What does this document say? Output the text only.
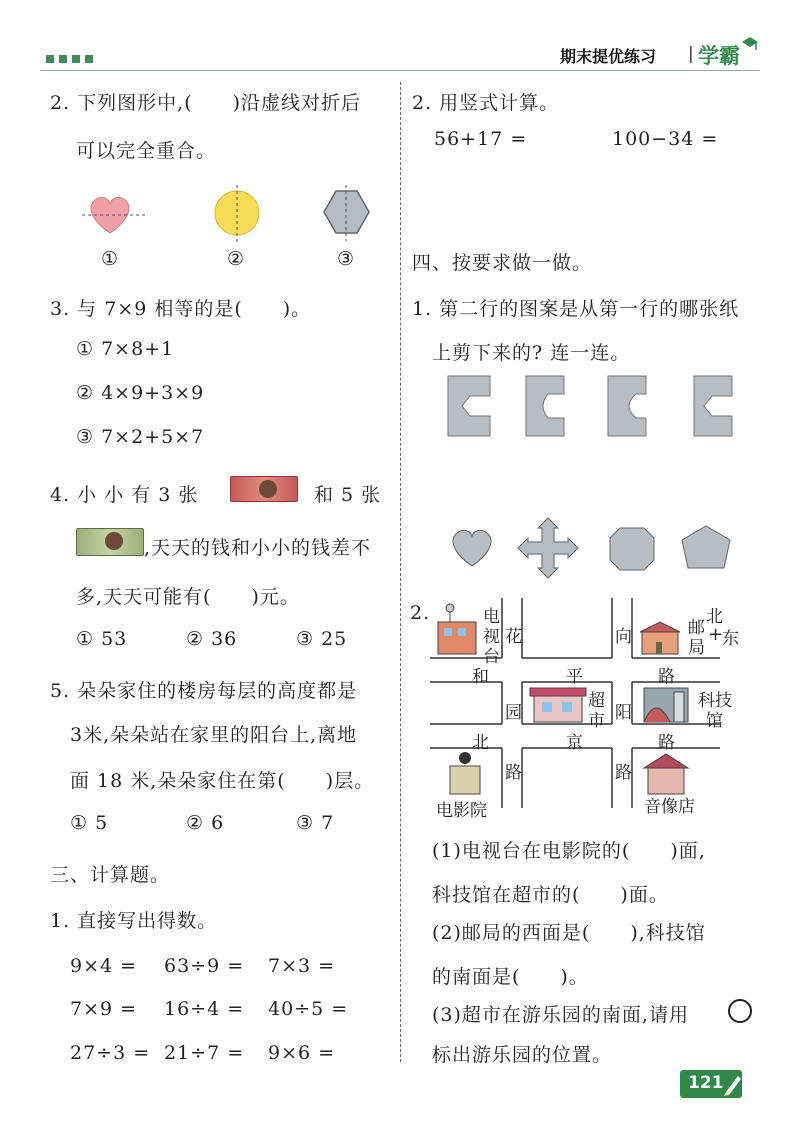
期末提优练习 | 学霸
2. 下列图形中,(　　)沿虚线对折后
可以完全重合。
①	②	③
3. 与 7×9 相等的是(　　)。
① 7×8+1
② 4×9+3×9
③ 7×2+5×7
4. 小 小 有 3 张	和 5 张
,天天的钱和小小的钱差不
多,天天可能有(　　)元。
① 53	② 36	③ 25
5. 朵朵家住的楼房每层的高度都是
3米,朵朵站在家里的阳台上,离地
面 18 米,朵朵家住在第(　　)层。
① 5	② 6	③ 7
三、计算题。
1. 直接写出得数。
9×4 = 63÷9 = 7×3 =
7×9 = 16÷4 = 40÷5 =
27÷3 = 21÷7 = 9×6 =
2. 用竖式计算。
56+17 =	100−34 =
四、按要求做一做。
1. 第二行的图案是从第一行的哪张纸
上剪下来的? 连一连。
2.	电
视
台
花	向	邮
局
北
+
东
和	平	路
园
超
市 阳
科技
馆
北	京	路
路	路
电影院	音像店
(1)电视台在电影院的(　　)面,
科技馆在超市的(　　)面。
(2)邮局的西面是(　　),科技馆
的南面是(　　)。
(3)超市在游乐园的南面,请用
标出游乐园的位置。
121
